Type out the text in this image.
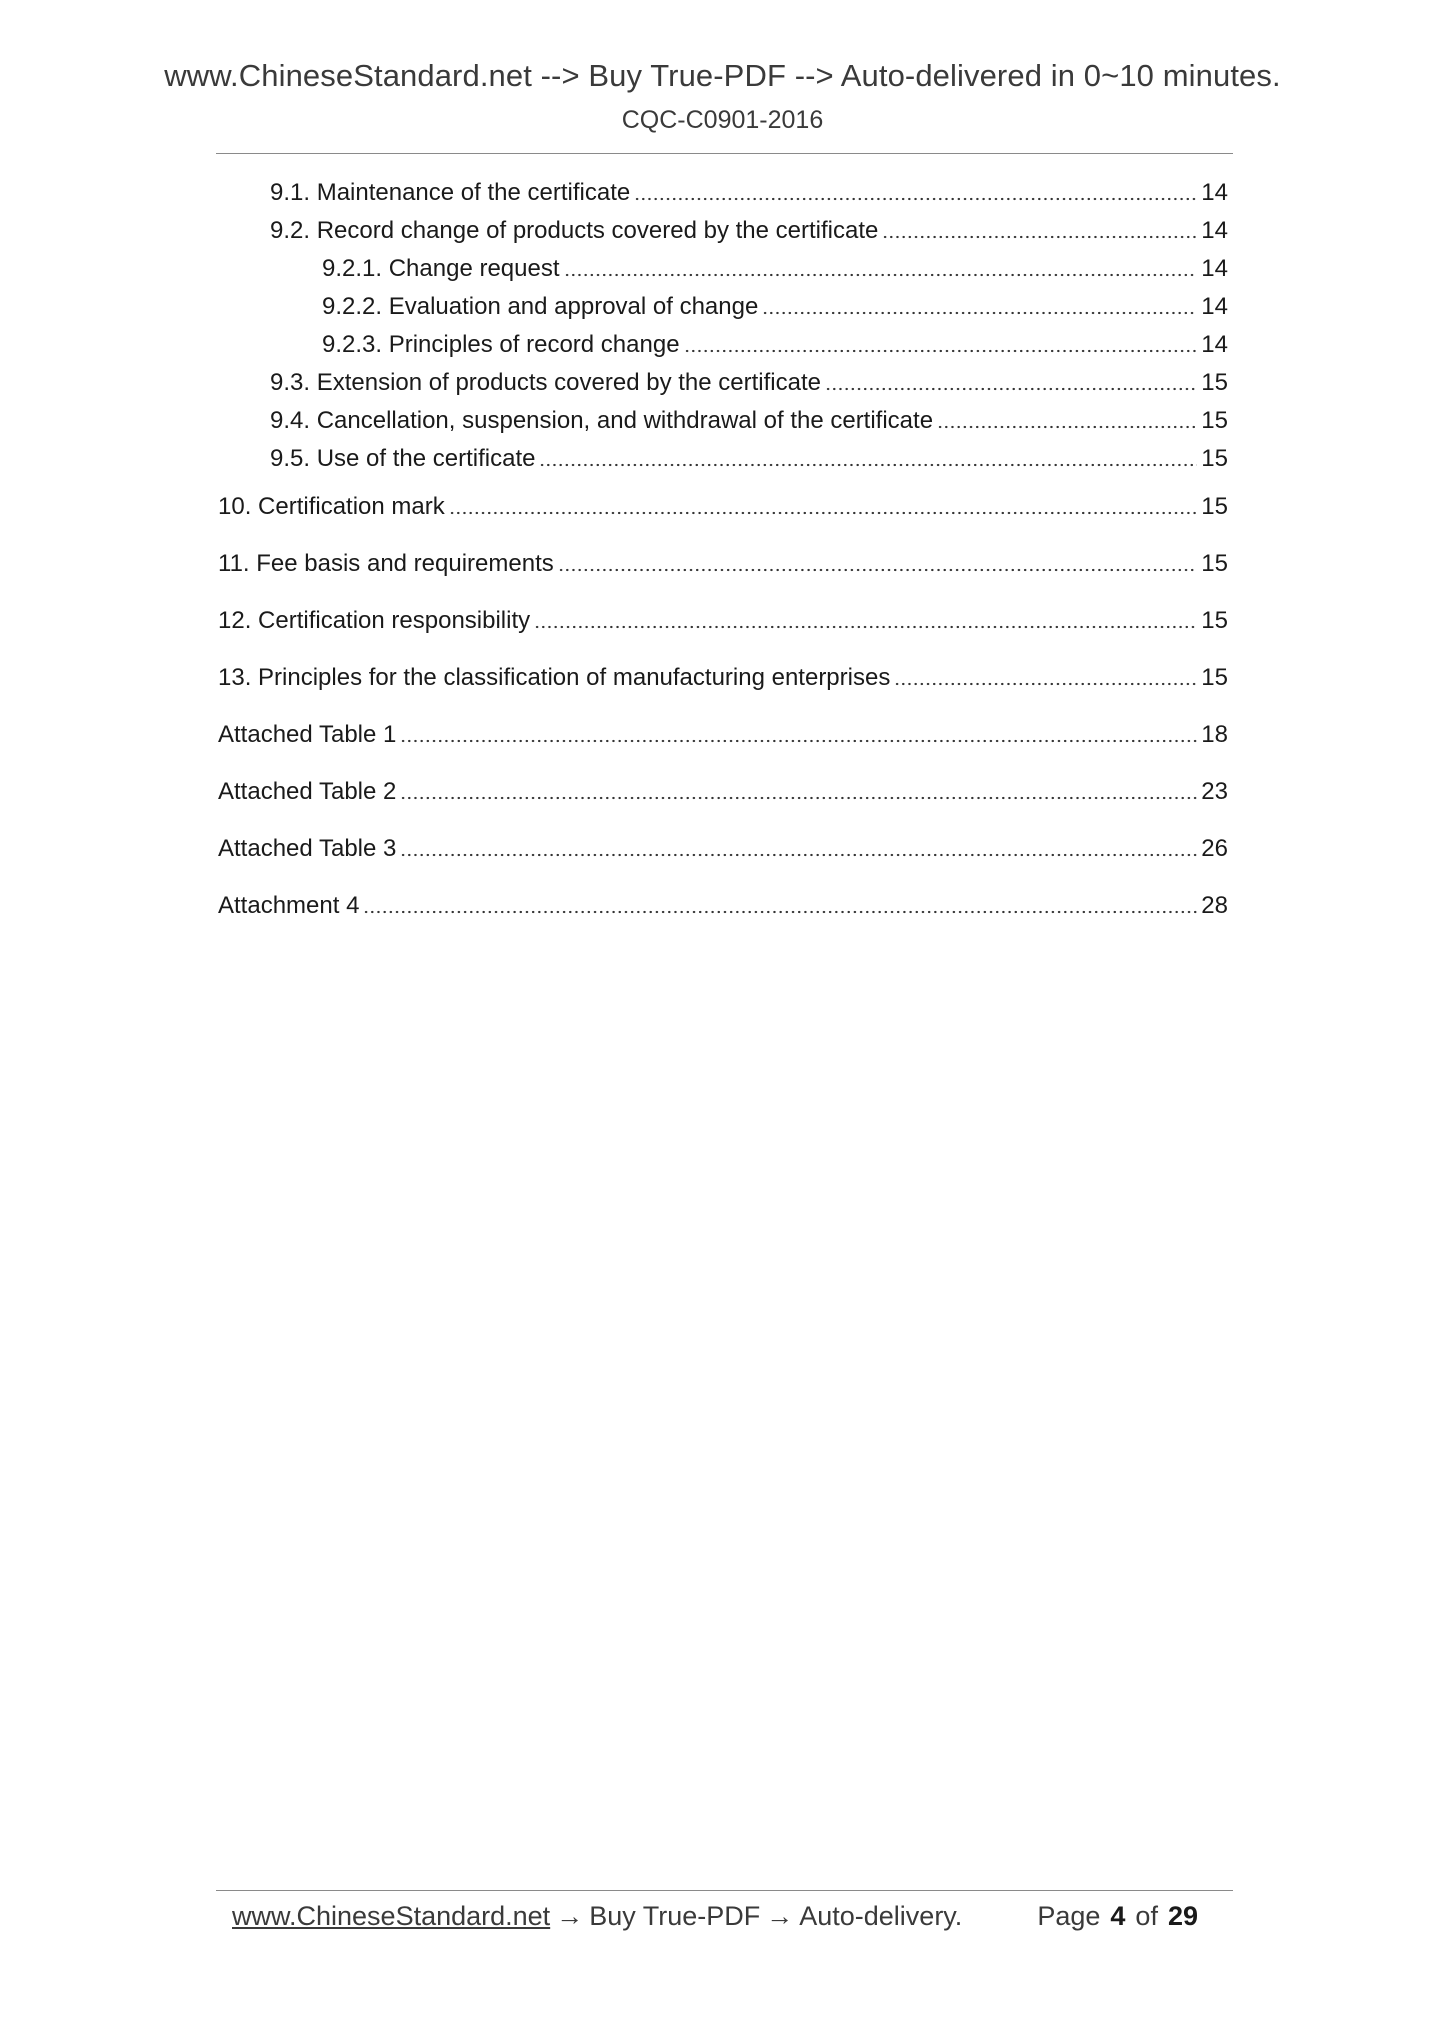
www.ChineseStandard.net --> Buy True-PDF --> Auto-delivered in 0~10 minutes.
CQC-C0901-2016
9.1. Maintenance of the certificate	14
9.2. Record change of products covered by the certificate	14
9.2.1. Change request	14
9.2.2. Evaluation and approval of change	14
9.2.3. Principles of record change	14
9.3. Extension of products covered by the certificate	15
9.4. Cancellation, suspension, and withdrawal of the certificate	15
9.5. Use of the certificate	15
10. Certification mark	15
11. Fee basis and requirements	15
12. Certification responsibility	15
13. Principles for the classification of manufacturing enterprises	15
Attached Table 1	18
Attached Table 2	23
Attached Table 3	26
Attachment 4	28
www.ChineseStandard.net → Buy True-PDF → Auto-delivery.	Page 4 of 29
